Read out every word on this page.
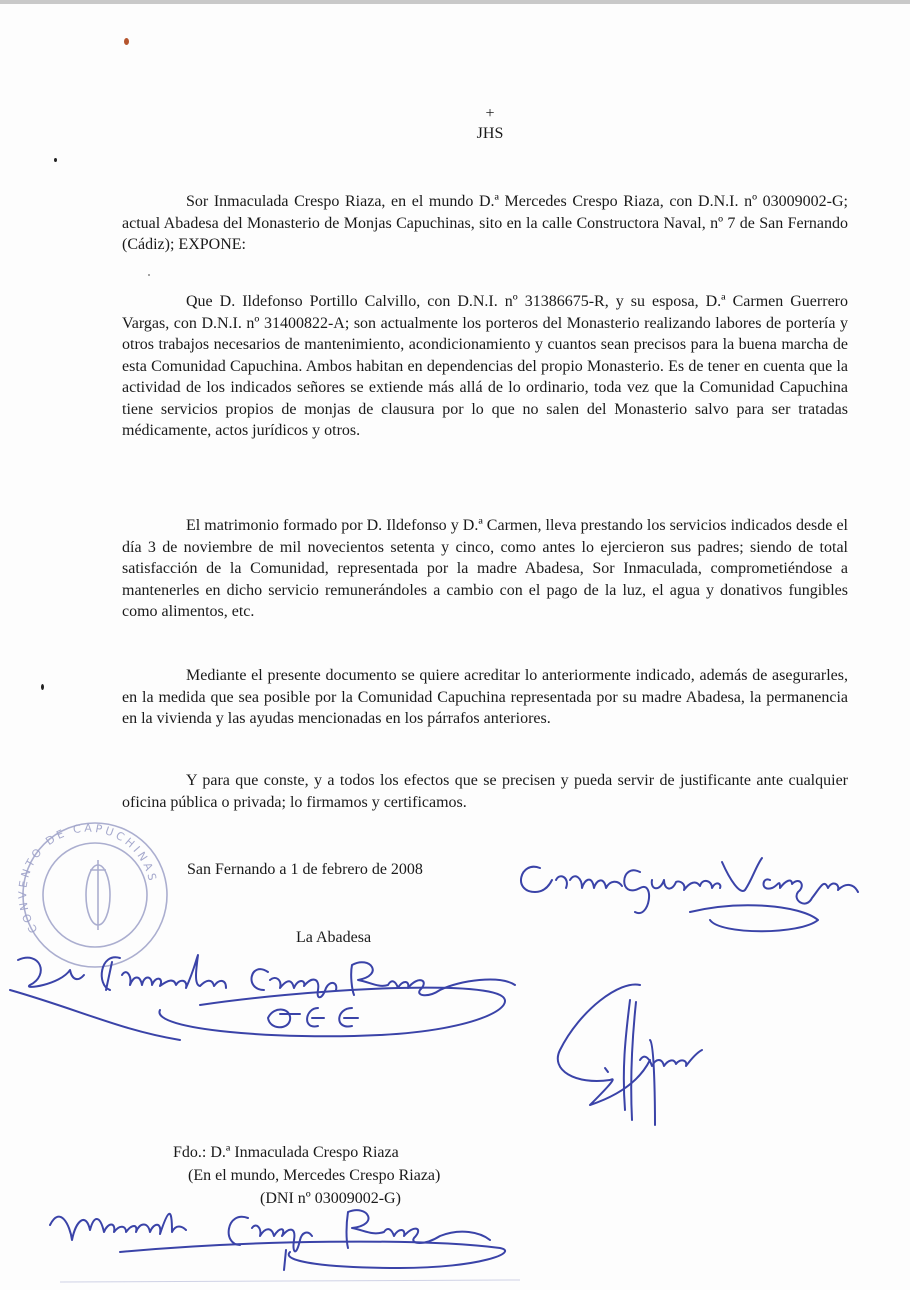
+
JHS

Sor Inmaculada Crespo Riaza, en el mundo D.ª Mercedes Crespo Riaza, con D.N.I. nº 03009002-G; actual Abadesa del Monasterio de Monjas Capuchinas, sito en la calle Constructora Naval, nº 7 de San Fernando (Cádiz); EXPONE:

Que D. Ildefonso Portillo Calvillo, con D.N.I. nº 31386675-R, y su esposa, D.ª Carmen Guerrero Vargas, con D.N.I. nº 31400822-A; son actualmente los porteros del Monasterio realizando labores de portería y otros trabajos necesarios de mantenimiento, acondicionamiento y cuantos sean precisos para la buena marcha de esta Comunidad Capuchina. Ambos habitan en dependencias del propio Monasterio. Es de tener en cuenta que la actividad de los indicados señores se extiende más allá de lo ordinario, toda vez que la Comunidad Capuchina tiene servicios propios de monjas de clausura por lo que no salen del Monasterio salvo para ser tratadas médicamente, actos jurídicos y otros.

El matrimonio formado por D. Ildefonso y D.ª Carmen, lleva prestando los servicios indicados desde el día 3 de noviembre de mil novecientos setenta y cinco, como antes lo ejercieron sus padres; siendo de total satisfacción de la Comunidad, representada por la madre Abadesa, Sor Inmaculada, comprometiéndose a mantenerles en dicho servicio remunerándoles a cambio con el pago de la luz, el agua y donativos fungibles como alimentos, etc.

Mediante el presente documento se quiere acreditar lo anteriormente indicado, además de asegurarles, en la medida que sea posible por la Comunidad Capuchina representada por su madre Abadesa, la permanencia en la vivienda y las ayudas mencionadas en los párrafos anteriores.

Y para que conste, y a todos los efectos que se precisen y pueda servir de justificante ante cualquier oficina pública o privada; lo firmamos y certificamos.

San Fernando a 1 de febrero de 2008
La Abadesa
Fdo.: D.ª Inmaculada Crespo Riaza
(En el mundo, Mercedes Crespo Riaza)
(DNI nº 03009002-G)
CONVENTO DE CAPUCHINAS
